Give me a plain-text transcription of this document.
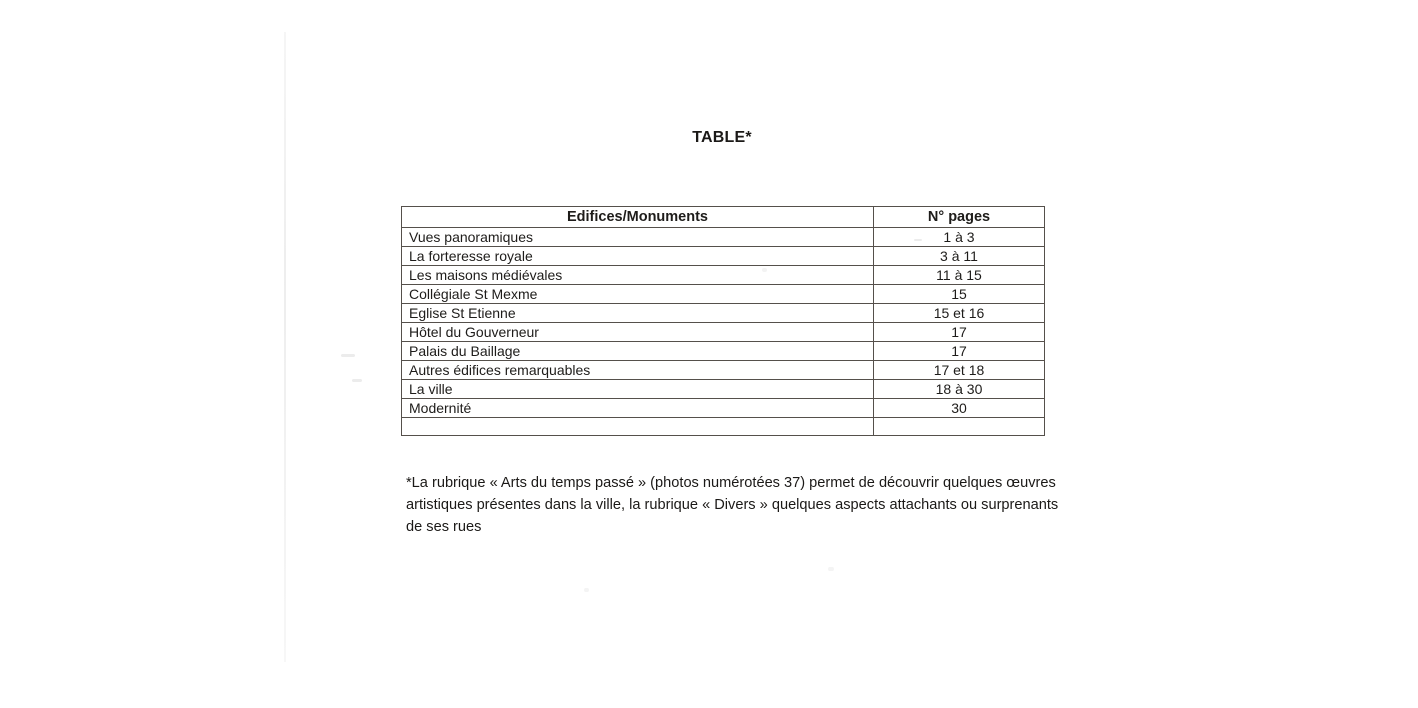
TABLE*
Edifices/Monuments	N° pages
Vues panoramiques	1 à 3
La forteresse royale	3 à 11
Les maisons médiévales	11 à 15
Collégiale St Mexme	15
Eglise St Etienne	15 et 16
Hôtel du Gouverneur	17
Palais du Baillage	17
Autres édifices remarquables	17 et 18
La ville	18 à 30
Modernité	30

*La rubrique « Arts du temps passé » (photos numérotées 37) permet de découvrir quelques œuvres
artistiques présentes dans la ville, la rubrique « Divers » quelques aspects attachants ou surprenants
de ses rues
